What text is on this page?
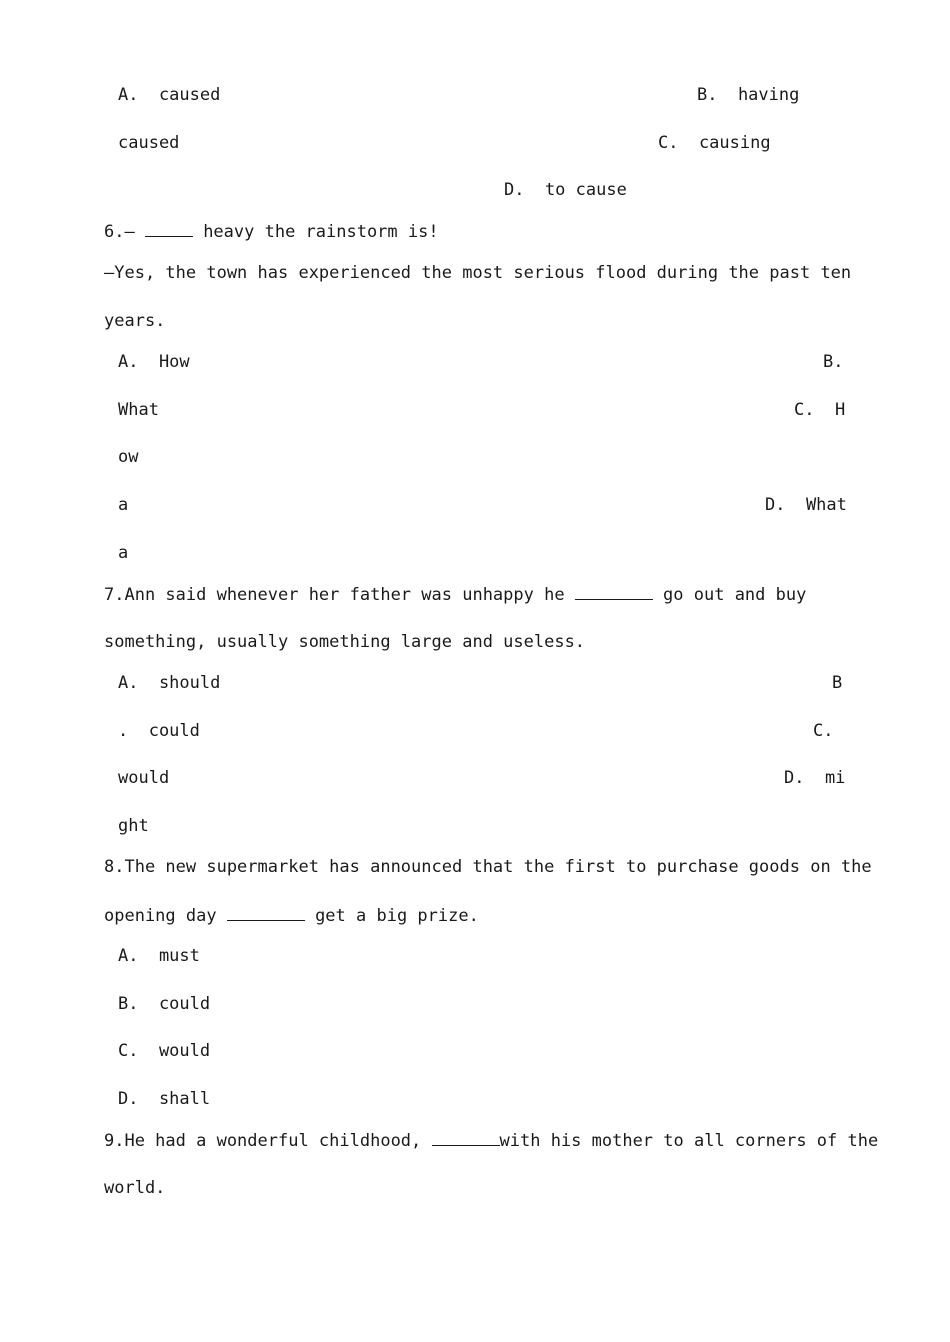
A.  caused	B.  having
caused	C.  causing
D.  to cause
6.—	heavy the rainstorm is!
—Yes, the town has experienced the most serious flood during the past ten
years.
A.  How	B.
What	C.  H
ow
a	D.  What
a
7.Ann said whenever her father was unhappy he	go out and buy
something, usually something large and useless.
A.  should	B
.  could	C.
would	D.  mi
ght
8.The new supermarket has announced that the first to purchase goods on the
opening day	get a big prize.
A.  must
B.  could
C.  would
D.  shall
9.He had a wonderful childhood,	with his mother to all corners of the
world.
